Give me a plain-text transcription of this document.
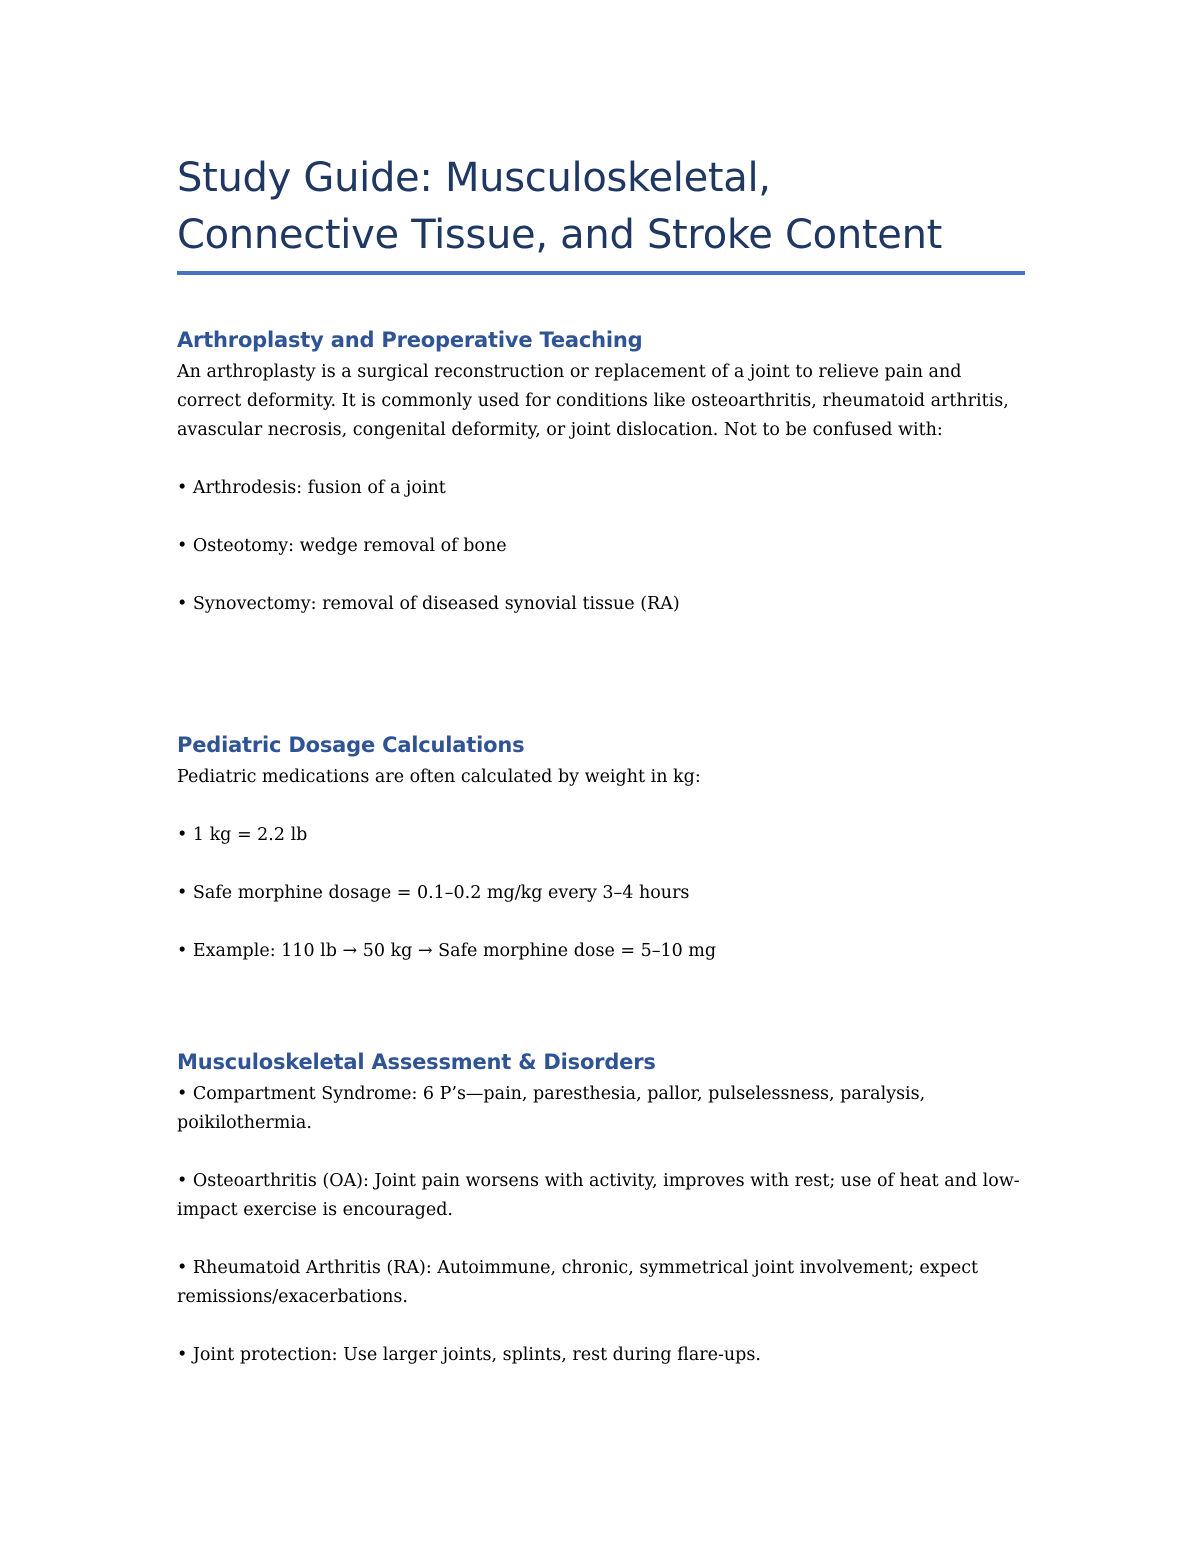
Study Guide: Musculoskeletal,
Connective Tissue, and Stroke Content
Arthroplasty and Preoperative Teaching

An arthroplasty is a surgical reconstruction or replacement of a joint to relieve pain and correct deformity. It is commonly used for conditions like osteoarthritis, rheumatoid arthritis, avascular necrosis, congenital deformity, or joint dislocation. Not to be confused with:

• Arthrodesis: fusion of a joint

• Osteotomy: wedge removal of bone

• Synovectomy: removal of diseased synovial tissue (RA)

Pediatric Dosage Calculations

Pediatric medications are often calculated by weight in kg:

• 1 kg = 2.2 lb

• Safe morphine dosage = 0.1–0.2 mg/kg every 3–4 hours

• Example: 110 lb → 50 kg → Safe morphine dose = 5–10 mg

Musculoskeletal Assessment & Disorders

• Compartment Syndrome: 6 P’s—pain, paresthesia, pallor, pulselessness, paralysis, poikilothermia.

• Osteoarthritis (OA): Joint pain worsens with activity, improves with rest; use of heat and low-impact exercise is encouraged.

• Rheumatoid Arthritis (RA): Autoimmune, chronic, symmetrical joint involvement; expect remissions/exacerbations.

• Joint protection: Use larger joints, splints, rest during flare-ups.
